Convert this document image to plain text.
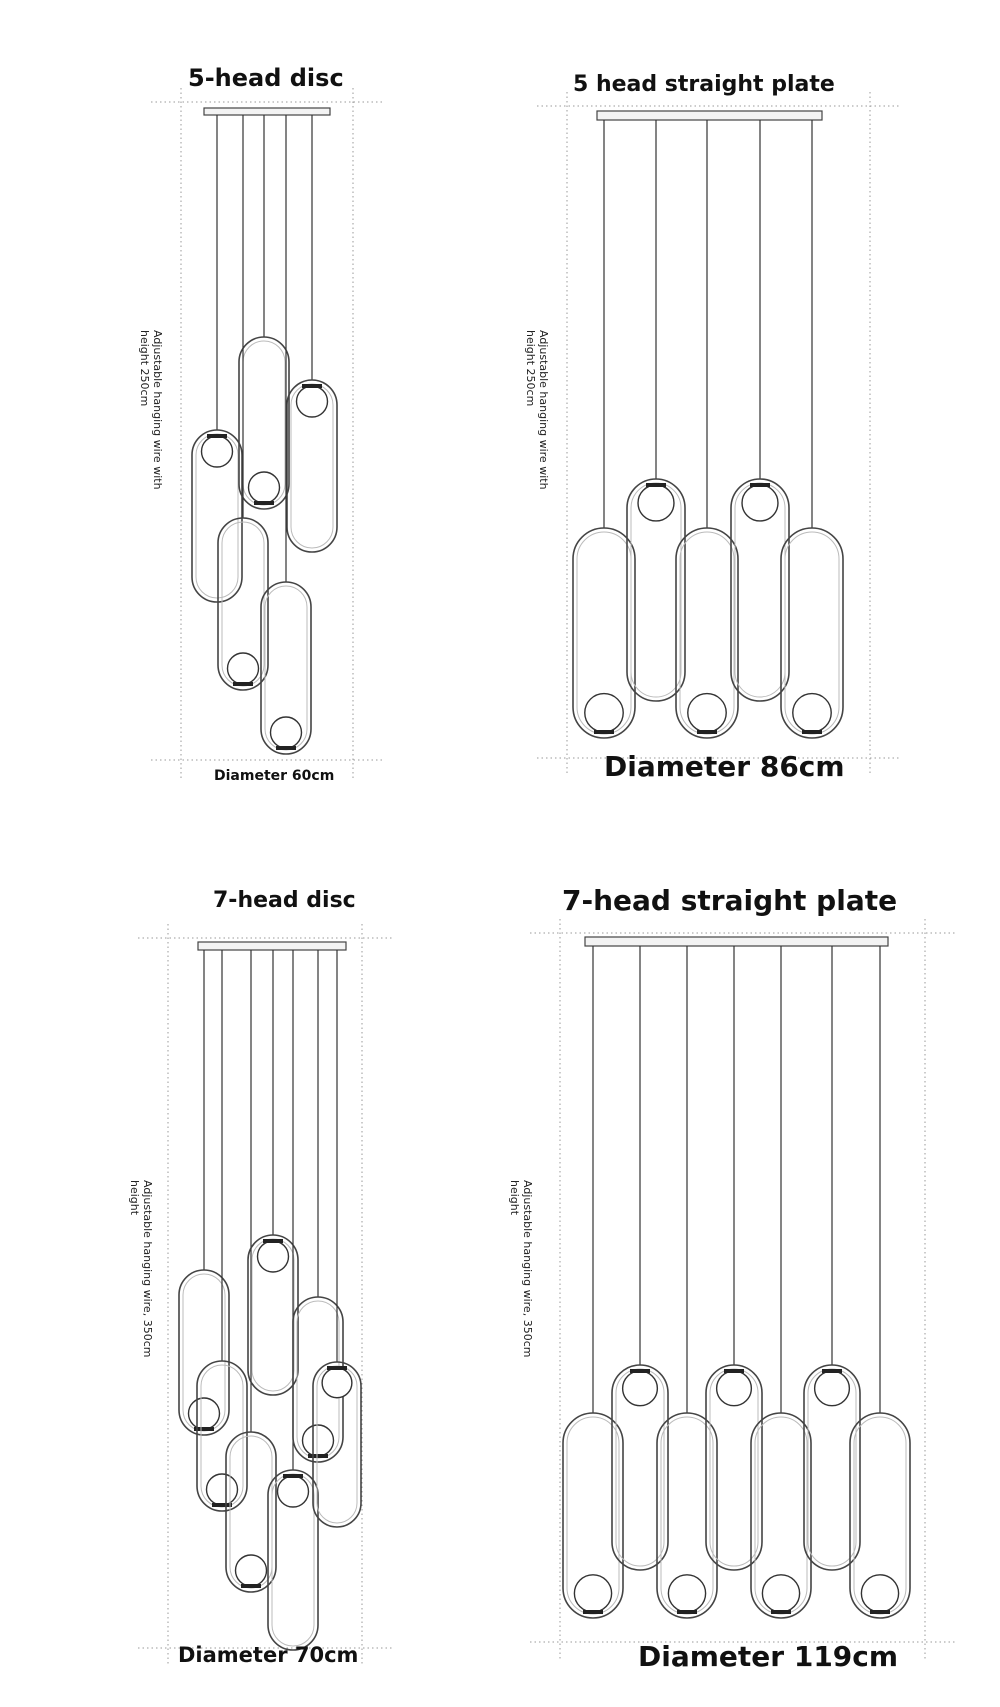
5-head disc
Adjustable hanging wire with
height 250cm
Diameter 60cm
5 head straight plate
Adjustable hanging wire with
height 250cm
Diameter 86cm
7-head disc
Adjustable hanging wire, 350cm
height
Diameter 70cm
7-head straight plate
Adjustable hanging wire, 350cm
height
Diameter 119cm
